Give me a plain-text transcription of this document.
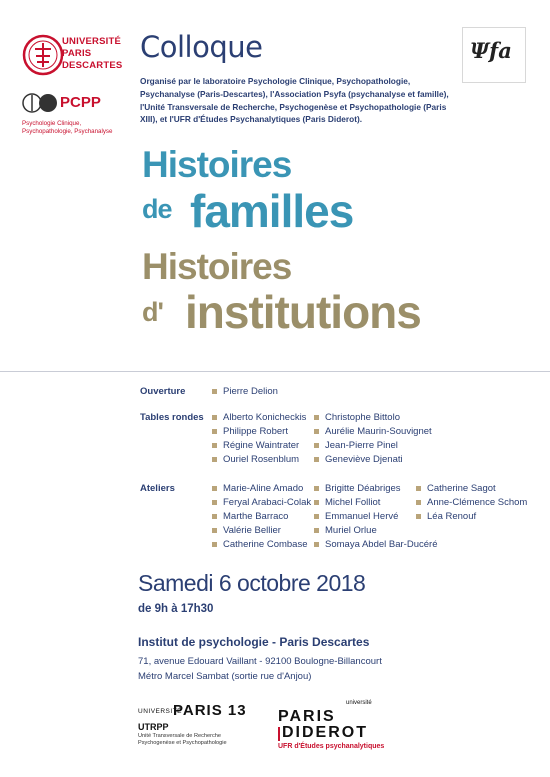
UNIVERSITÉ
PARIS
DESCARTES
PCPP
Psychologie Clinique,
Psychopathologie, Psychanalyse
Ψfa
Colloque
Organisé par le laboratoire Psychologie Clinique, Psychopathologie, Psychanalyse (Paris-Descartes), l'Association Psyfa (psychanalyse et famille), l'Unité Transversale de Recherche, Psychogenèse et Psychopathologie (Paris XIII), et l'UFR d'Études Psychanalytiques (Paris Diderot).
Histoires
de familles
Histoires
d' institutions
Ouverture	Pierre Delion
Tables rondes Alberto Konicheckis
Philippe Robert
Régine Waintrater
Ouriel Rosenblum
Christophe Bittolo
Aurélie Maurin-Souvignet
Jean-Pierre Pinel
Geneviève Djenati
Ateliers	Marie-Aline Amado
Feryal Arabaci-Colak
Marthe Barraco
Valérie Bellier
Catherine Combase
Brigitte Déabriges
Michel Folliot
Emmanuel Hervé
Muriel Orlue
Somaya Abdel Bar-Ducéré
Catherine Sagot
Anne-Clémence Schom
Léa Renouf
Samedi 6 octobre 2018
de 9h à 17h30
Institut de psychologie - Paris Descartes
71, avenue Edouard Vaillant - 92100 Boulogne-Billancourt
Métro Marcel Sambat (sortie rue d'Anjou)
UNIVERSITÉ
PARIS 13
UTRPP
Unité Transversale de Recherche
Psychogenèse et Psychopathologie
université
PARIS
DIDEROT
UFR d'Études psychanalytiques
